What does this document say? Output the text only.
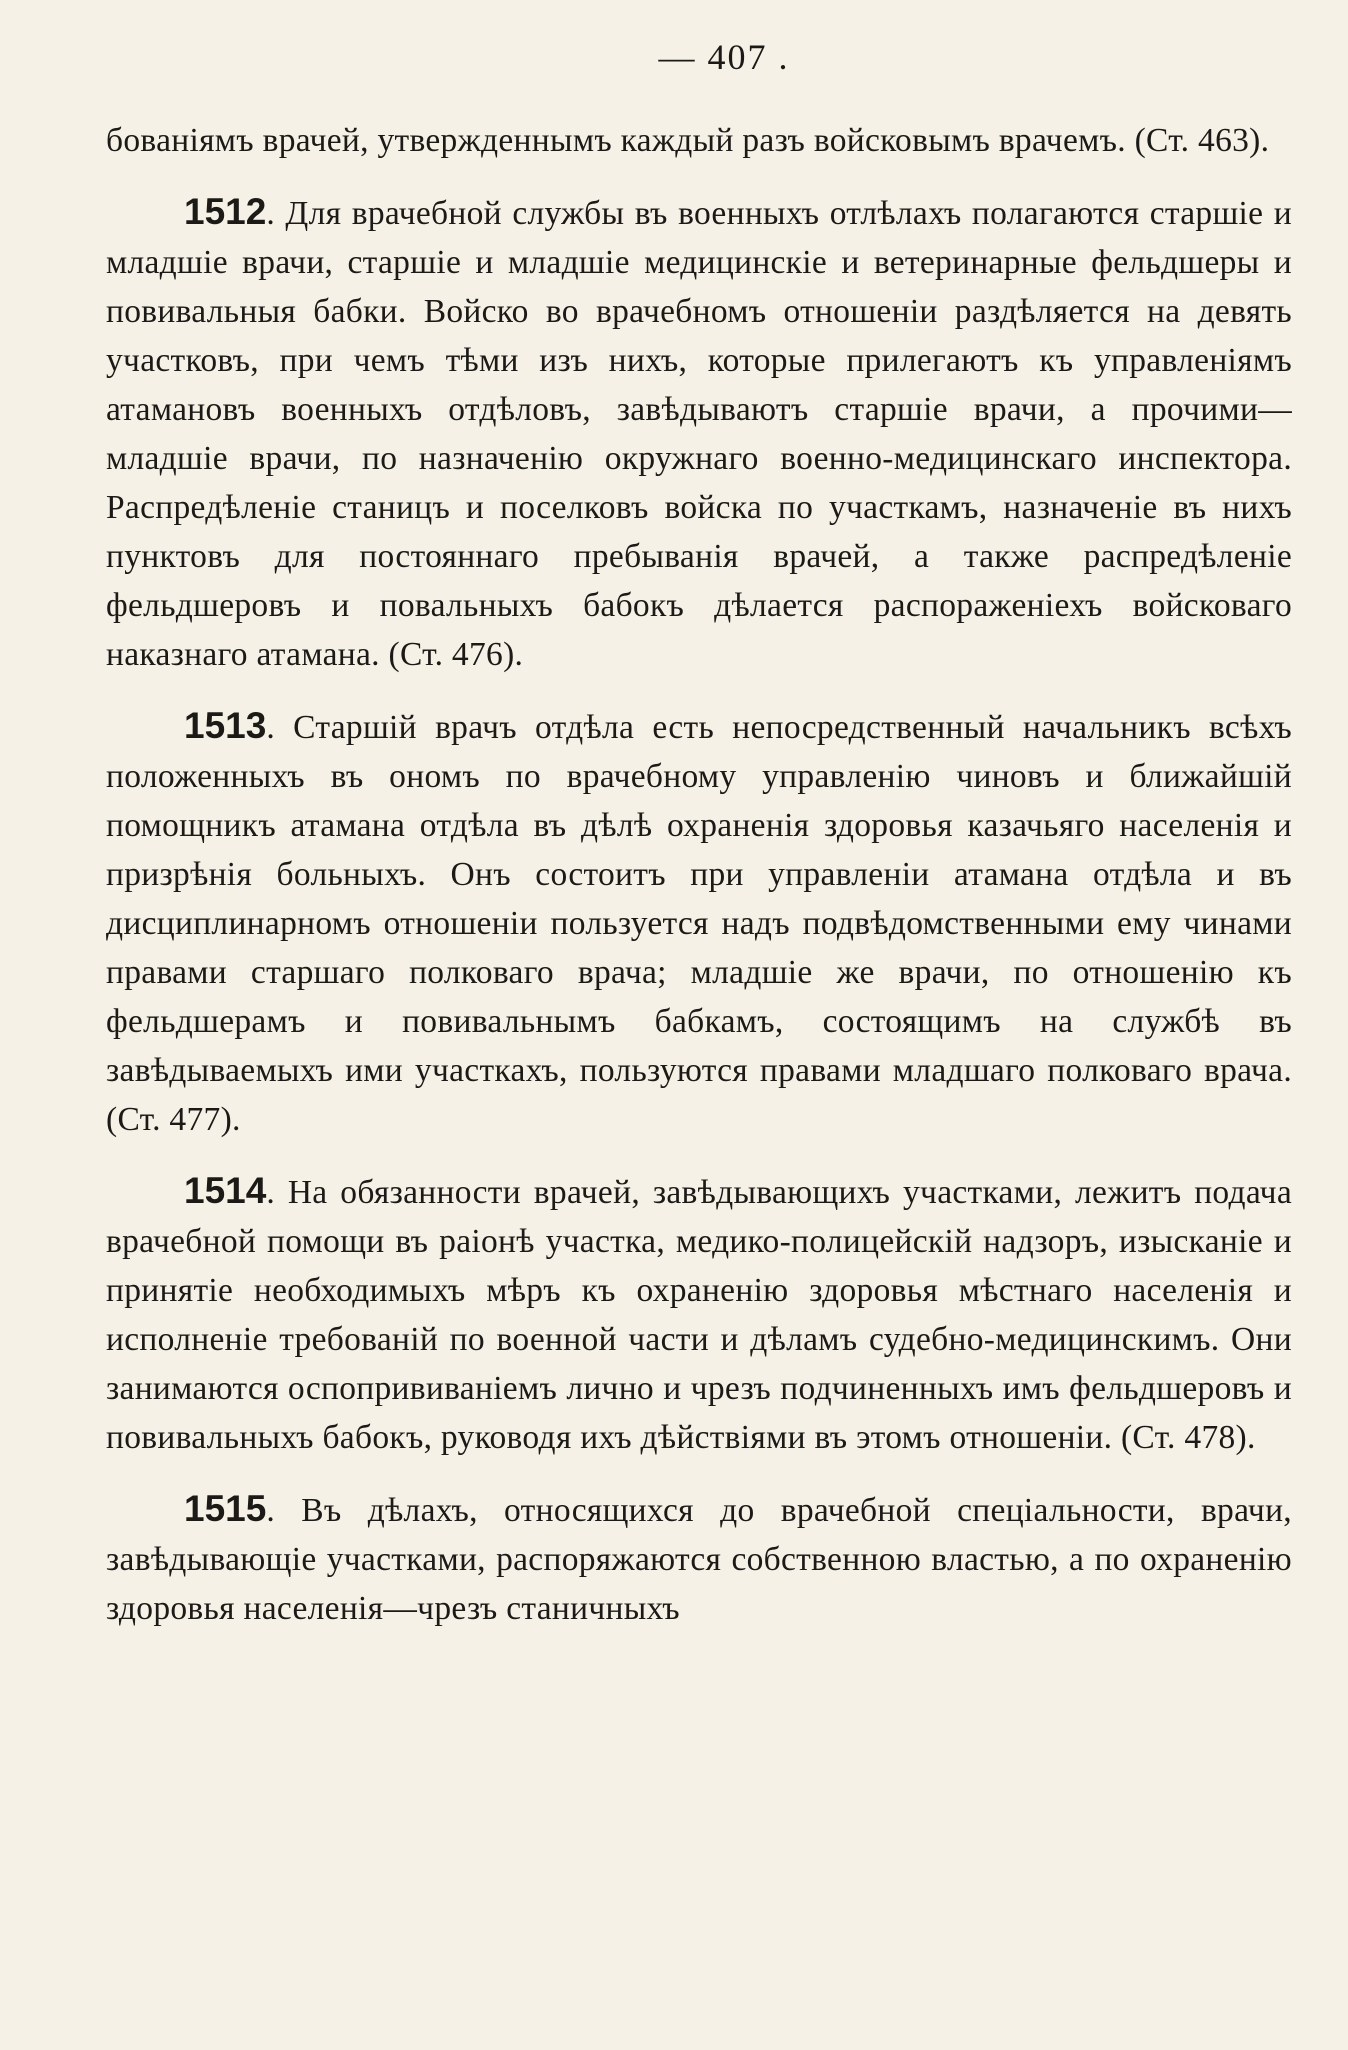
— 407 .

бованіямъ врачей, утвержденнымъ каждый разъ войсковымъ врачемъ. (Ст. 463).

1512. Для врачебной службы въ военныхъ отлѣлахъ полагаются старшіе и младшіе врачи, старшіе и младшіе медицинскіе и ветеринарные фельдшеры и повивальныя бабки. Войско во врачебномъ отношеніи раздѣляется на девять участковъ, при чемъ тѣми изъ нихъ, которые прилегаютъ къ управленіямъ атамановъ военныхъ отдѣловъ, завѣдываютъ старшіе врачи, а прочими—младшіе врачи, по назначенію окружнаго военно-медицинскаго инспектора. Распредѣленіе станицъ и поселковъ войска по участкамъ, назначеніе въ нихъ пунктовъ для постояннаго пребыванія врачей, а также распредѣленіе фельдшеровъ и повальныхъ бабокъ дѣлается распораженіехъ войсковаго наказнаго атамана. (Ст. 476).

1513. Старшій врачъ отдѣла есть непосредственный начальникъ всѣхъ положенныхъ въ ономъ по врачебному управленію чиновъ и ближайшій помощникъ атамана отдѣла въ дѣлѣ охраненія здоровья казачьяго населенія и призрѣнія больныхъ. Онъ состоитъ при управленіи атамана отдѣла и въ дисциплинарномъ отношеніи пользуется надъ подвѣдомственными ему чинами правами старшаго полковаго врача; младшіе же врачи, по отношенію къ фельдшерамъ и повивальнымъ бабкамъ, состоящимъ на службѣ въ завѣдываемыхъ ими участкахъ, пользуются правами младшаго полковаго врача. (Ст. 477).

1514. На обязанности врачей, завѣдывающихъ участками, лежитъ подача врачебной помощи въ раіонѣ участка, медико-полицейскій надзоръ, изысканіе и принятіе необходимыхъ мѣръ къ охраненію здоровья мѣстнаго населенія и исполненіе требованій по военной части и дѣламъ судебно-медицинскимъ. Они занимаются оспопрививаніемъ лично и чрезъ подчиненныхъ имъ фельдшеровъ и повивальныхъ бабокъ, руководя ихъ дѣйствіями въ этомъ отношеніи. (Ст. 478).

1515. Въ дѣлахъ, относящихся до врачебной спеціальности, врачи, завѣдывающіе участками, распоряжаются собственною властью, а по охраненію здоровья населенія—чрезъ станичныхъ
